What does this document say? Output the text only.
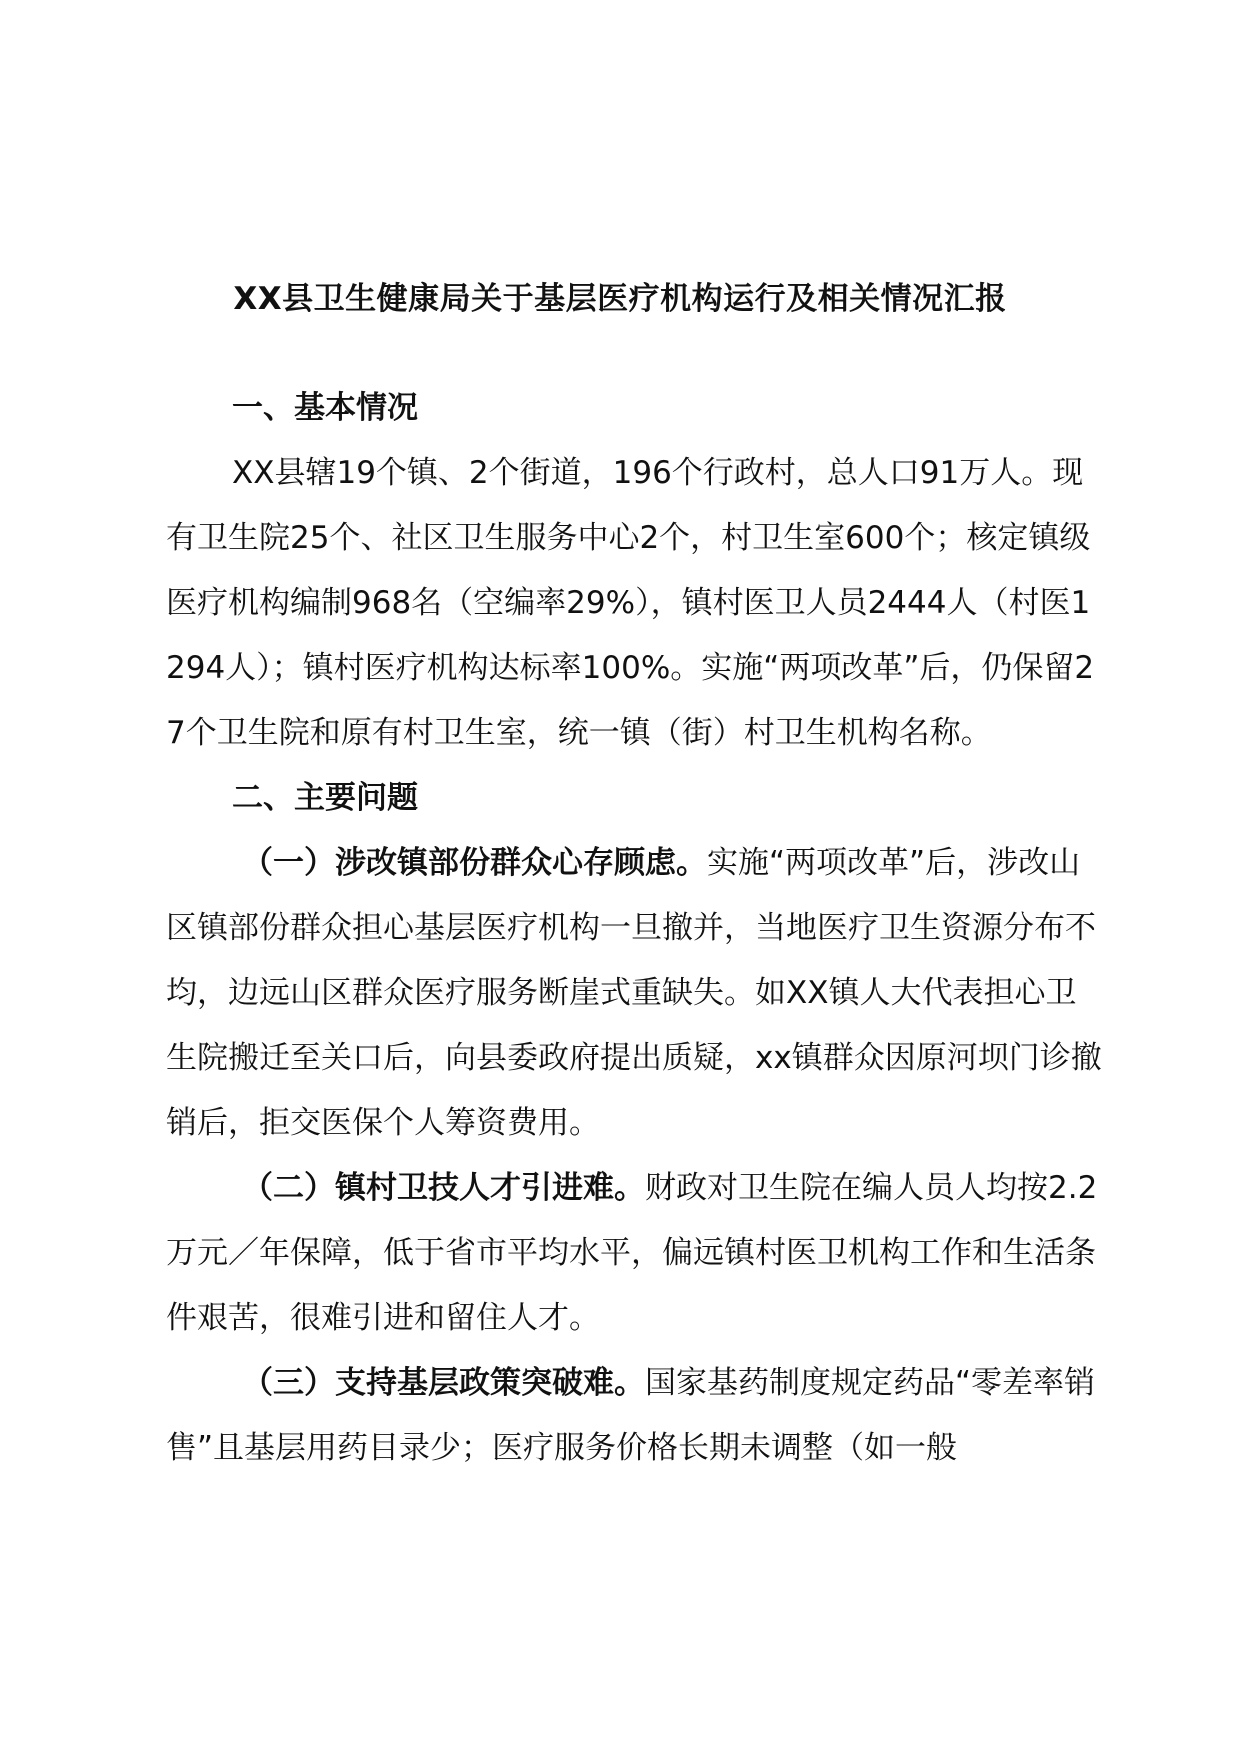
XX县卫生健康局关于基层医疗机构运行及相关情况汇报
一、基本情况

XX县辖19个镇、2个街道，196个行政村，总人口91万人。现有卫生院25个、社区卫生服务中心2个，村卫生室600个；核定镇级医疗机构编制968名（空编率29%），镇村医卫人员2444人（村医1294人）；镇村医疗机构达标率100%。实施“两项改革”后，仍保留27个卫生院和原有村卫生室，统一镇（街）村卫生机构名称。

二、主要问题

（一）涉改镇部份群众心存顾虑。实施“两项改革”后，涉改山区镇部份群众担心基层医疗机构一旦撤并，当地医疗卫生资源分布不均，边远山区群众医疗服务断崖式重缺失。如XX镇人大代表担心卫生院搬迁至关口后，向县委政府提出质疑，xx镇群众因原河坝门诊撤销后，拒交医保个人筹资费用。

（二）镇村卫技人才引进难。财政对卫生院在编人员人均按2.2万元／年保障，低于省市平均水平，偏远镇村医卫机构工作和生活条件艰苦，很难引进和留住人才。

（三）支持基层政策突破难。国家基药制度规定药品“零差率销售”且基层用药目录少；医疗服务价格长期未调整（如一般
